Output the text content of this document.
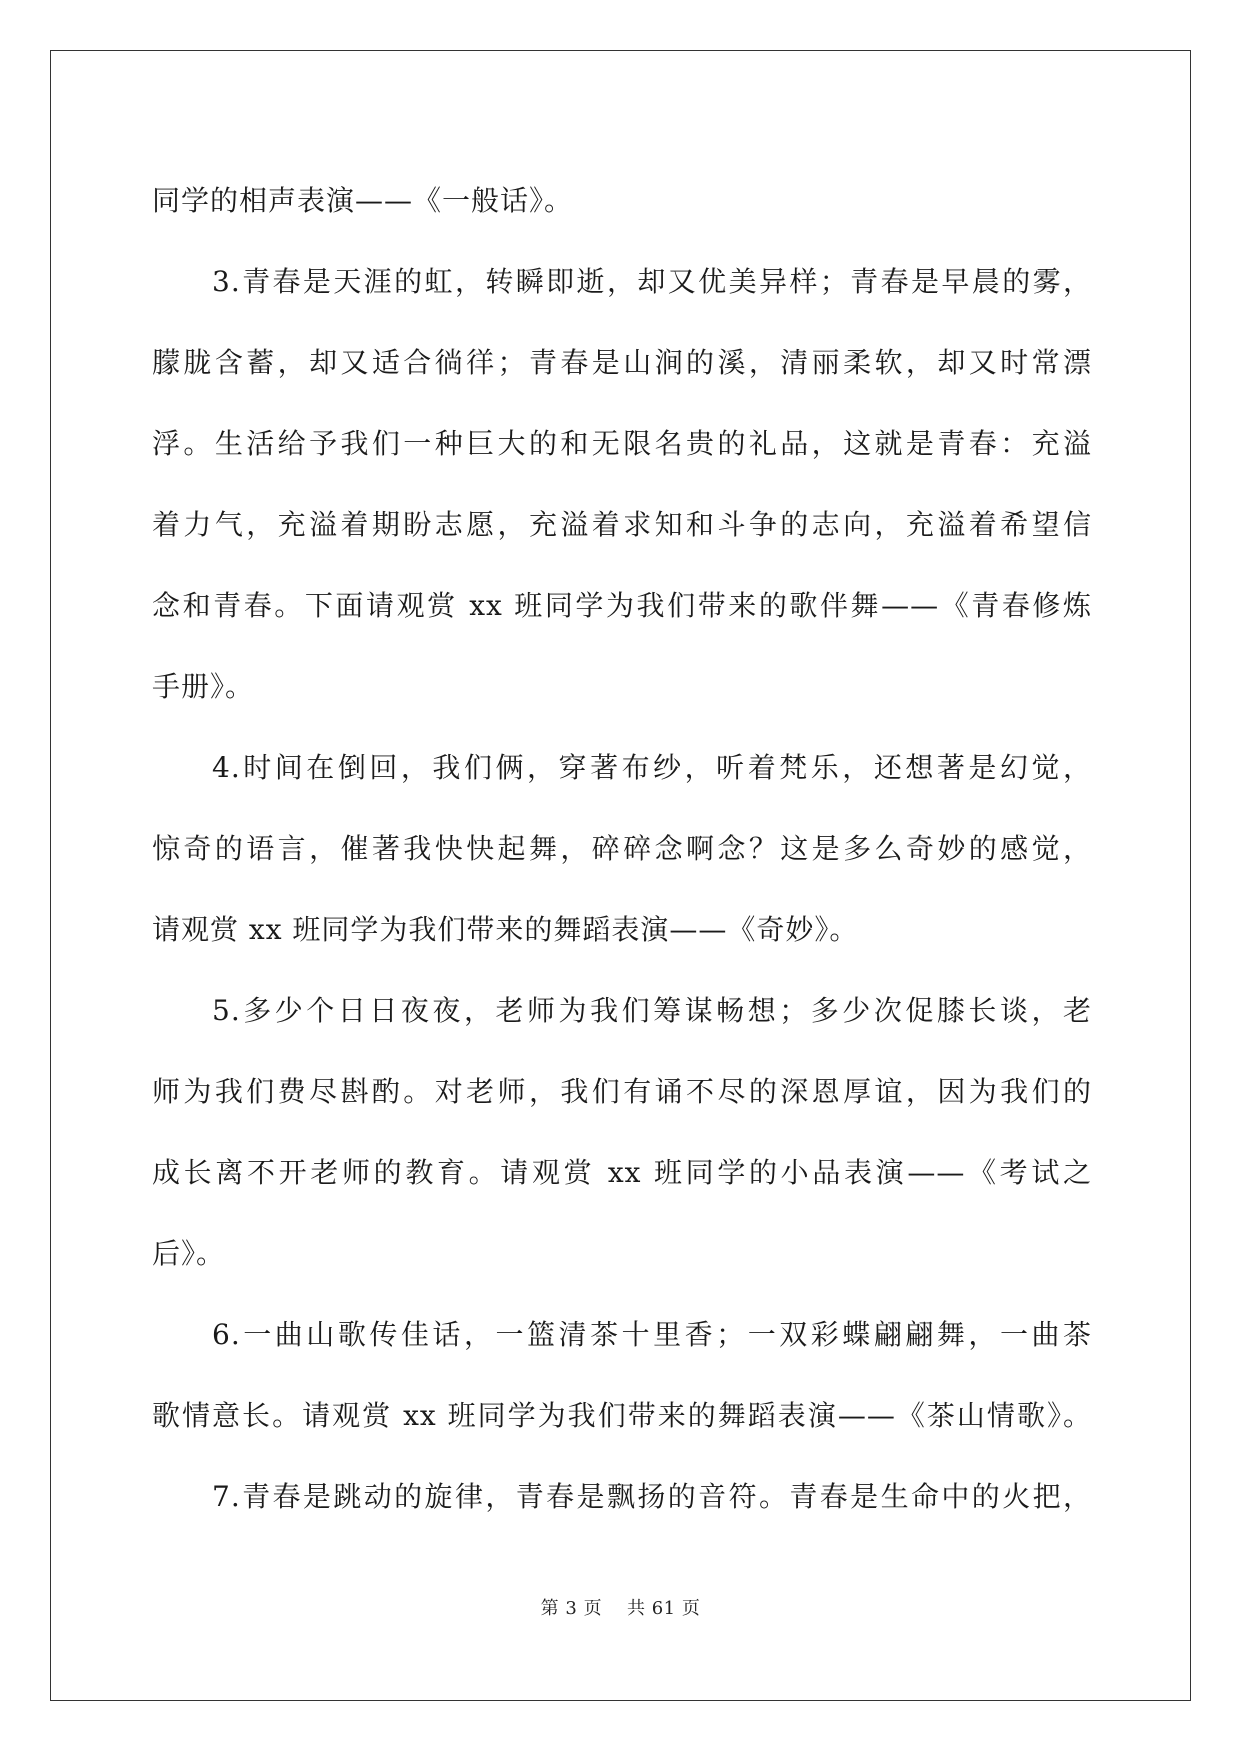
同学的相声表演——《一般话》。
3.青春是天涯的虹，转瞬即逝，却又优美异样；青春是早晨的雾，
朦胧含蓄，却又适合徜徉；青春是山涧的溪，清丽柔软，却又时常漂
浮。生活给予我们一种巨大的和无限名贵的礼品，这就是青春：充溢
着力气，充溢着期盼志愿，充溢着求知和斗争的志向，充溢着希望信
念和青春。下面请观赏 xx 班同学为我们带来的歌伴舞——《青春修炼
手册》。
4.时间在倒回，我们俩，穿著布纱，听着梵乐，还想著是幻觉，
惊奇的语言，催著我快快起舞，碎碎念啊念？这是多么奇妙的感觉，
请观赏 xx 班同学为我们带来的舞蹈表演——《奇妙》。
5.多少个日日夜夜，老师为我们筹谋畅想；多少次促膝长谈，老
师为我们费尽斟酌。对老师，我们有诵不尽的深恩厚谊，因为我们的
成长离不开老师的教育。请观赏 xx 班同学的小品表演——《考试之
后》。
6.一曲山歌传佳话，一篮清茶十里香；一双彩蝶翩翩舞，一曲茶
歌情意长。请观赏 xx 班同学为我们带来的舞蹈表演——《茶山情歌》。
7.青春是跳动的旋律，青春是飘扬的音符。青春是生命中的火把，
第 3 页 共 61 页
